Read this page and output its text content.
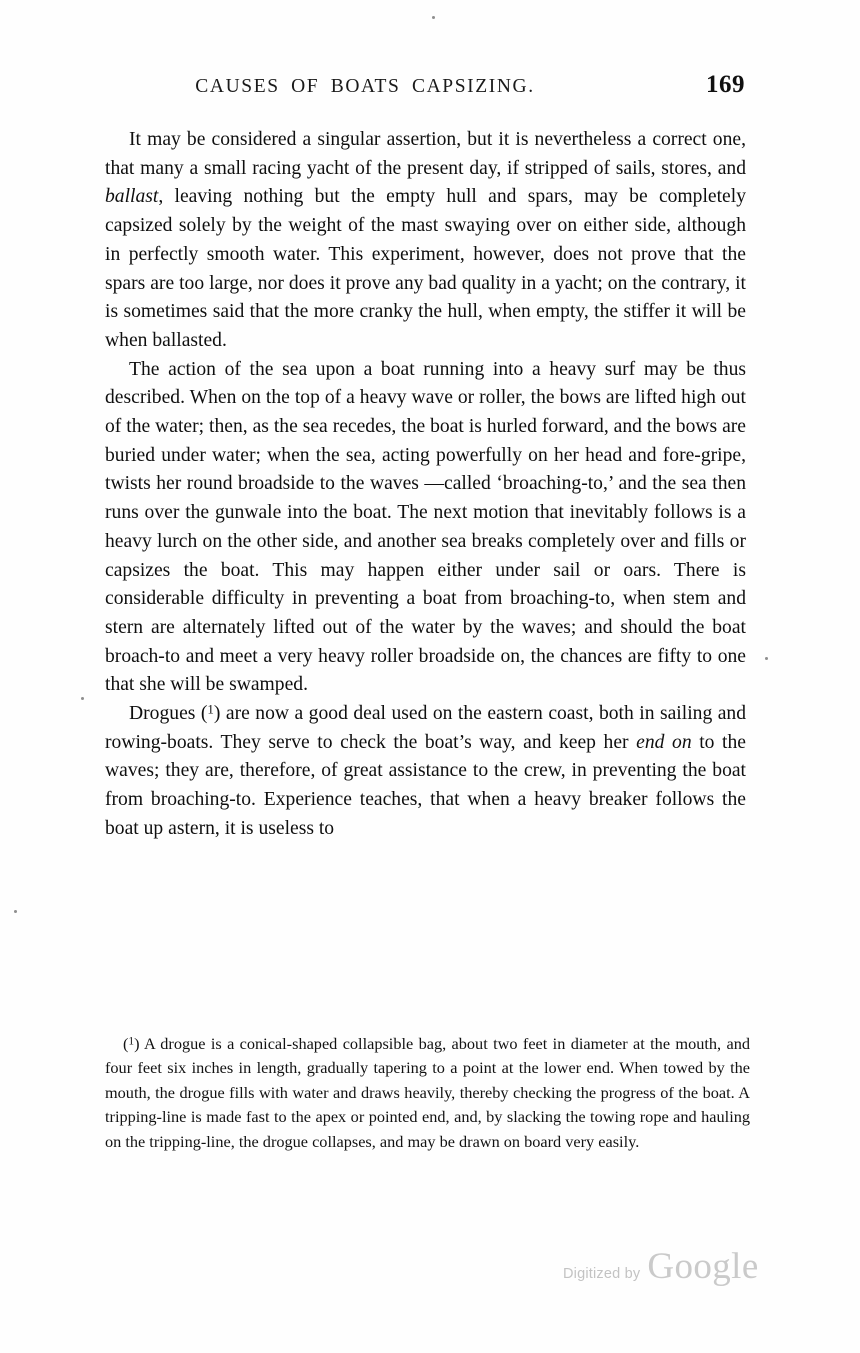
CAUSES OF BOATS CAPSIZING.	169

It may be considered a singular assertion, but it is nevertheless a correct one, that many a small racing yacht of the present day, if stripped of sails, stores, and ballast, leaving nothing but the empty hull and spars, may be completely capsized solely by the weight of the mast swaying over on either side, although in perfectly smooth water. This experiment, however, does not prove that the spars are too large, nor does it prove any bad quality in a yacht; on the contrary, it is sometimes said that the more cranky the hull, when empty, the stiffer it will be when ballasted.

The action of the sea upon a boat running into a heavy surf may be thus described. When on the top of a heavy wave or roller, the bows are lifted high out of the water; then, as the sea recedes, the boat is hurled forward, and the bows are buried under water; when the sea, acting powerfully on her head and fore-gripe, twists her round broadside to the waves —called ‘broaching-to,’ and the sea then runs over the gunwale into the boat. The next motion that inevitably follows is a heavy lurch on the other side, and another sea breaks completely over and fills or capsizes the boat. This may happen either under sail or oars. There is considerable difficulty in preventing a boat from broaching-to, when stem and stern are alternately lifted out of the water by the waves; and should the boat broach-to and meet a very heavy roller broadside on, the chances are fifty to one that she will be swamped.

Drogues ($^1$) are now a good deal used on the eastern coast, both in sailing and rowing-boats. They serve to check the boat’s way, and keep her end on to the waves; they are, therefore, of great assistance to the crew, in preventing the boat from broaching-to. Experience teaches, that when a heavy breaker follows the boat up astern, it is useless to

($^1$) A drogue is a conical-shaped collapsible bag, about two feet in diameter at the mouth, and four feet six inches in length, gradually tapering to a point at the lower end. When towed by the mouth, the drogue fills with water and draws heavily, thereby checking the progress of the boat. A tripping-line is made fast to the apex or pointed end, and, by slacking the towing rope and hauling on the tripping-line, the drogue collapses, and may be drawn on board very easily.

Digitized by Google
